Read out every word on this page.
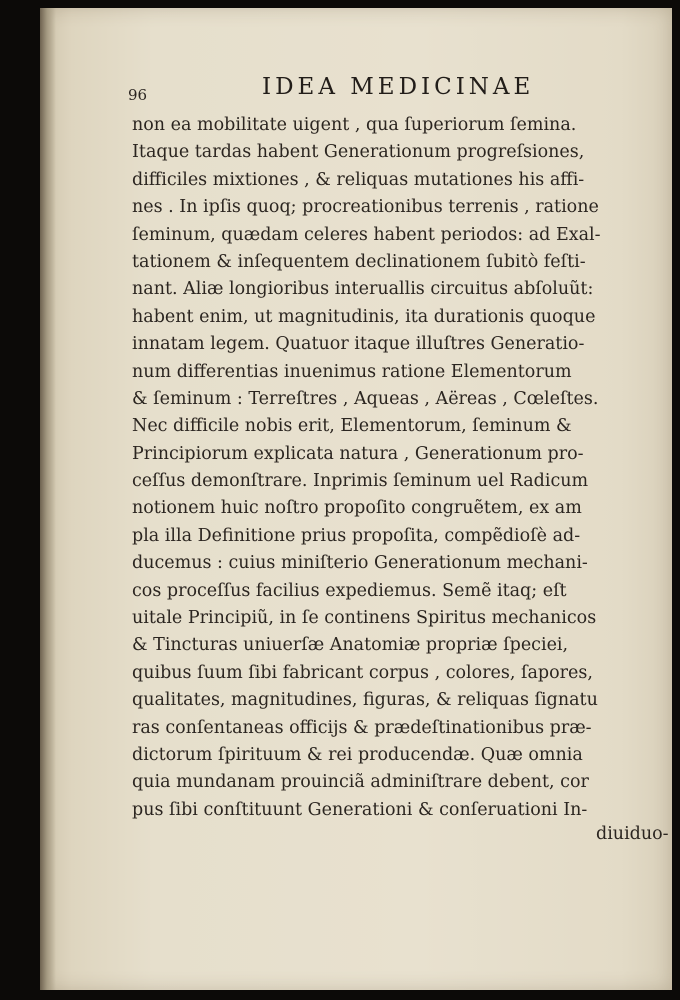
96	IDEA MEDICINAE
non ea mobilitate uigent , qua ſuperiorum ſemina.
Itaque tardas habent Generationum progreſsiones,
difficiles mixtiones , & reliquas mutationes his affi-
nes . In ipſis quoq; procreationibus terrenis , ratione
ſeminum, quædam celeres habent periodos: ad Exal-
tationem & inſequentem declinationem ſubitò feſti-
nant. Aliæ longioribus interuallis circuitus abſoluũt:
habent enim, ut magnitudinis, ita durationis quoque
innatam legem. Quatuor itaque illuſtres Generatio-
num differentias inuenimus ratione Elementorum
& ſeminum : Terreſtres , Aqueas , Aëreas , Cœleſtes.
Nec difficile nobis erit, Elementorum, ſeminum &
Principiorum explicata natura , Generationum pro-
ceſſus demonſtrare. Inprimis ſeminum uel Radicum
notionem huic noſtro propoſito congruẽtem, ex am
pla illa Definitione prius propoſita, compẽdioſè ad-
ducemus : cuius miniſterio Generationum mechani-
cos proceſſus facilius expediemus. Semẽ itaq; eſt
uitale Principiũ, in ſe continens Spiritus mechanicos
& Tincturas uniuerſæ Anatomiæ propriæ ſpeciei,
quibus ſuum ſibi fabricant corpus , colores, ſapores,
qualitates, magnitudines, figuras, & reliquas ſignatu
ras conſentaneas officijs & prædeſtinationibus præ-
dictorum ſpirituum & rei producendæ. Quæ omnia
quia mundanam prouinciã adminiſtrare debent, cor
pus ſibi conſtituunt Generationi & conſeruationi In-
diuiduo-
